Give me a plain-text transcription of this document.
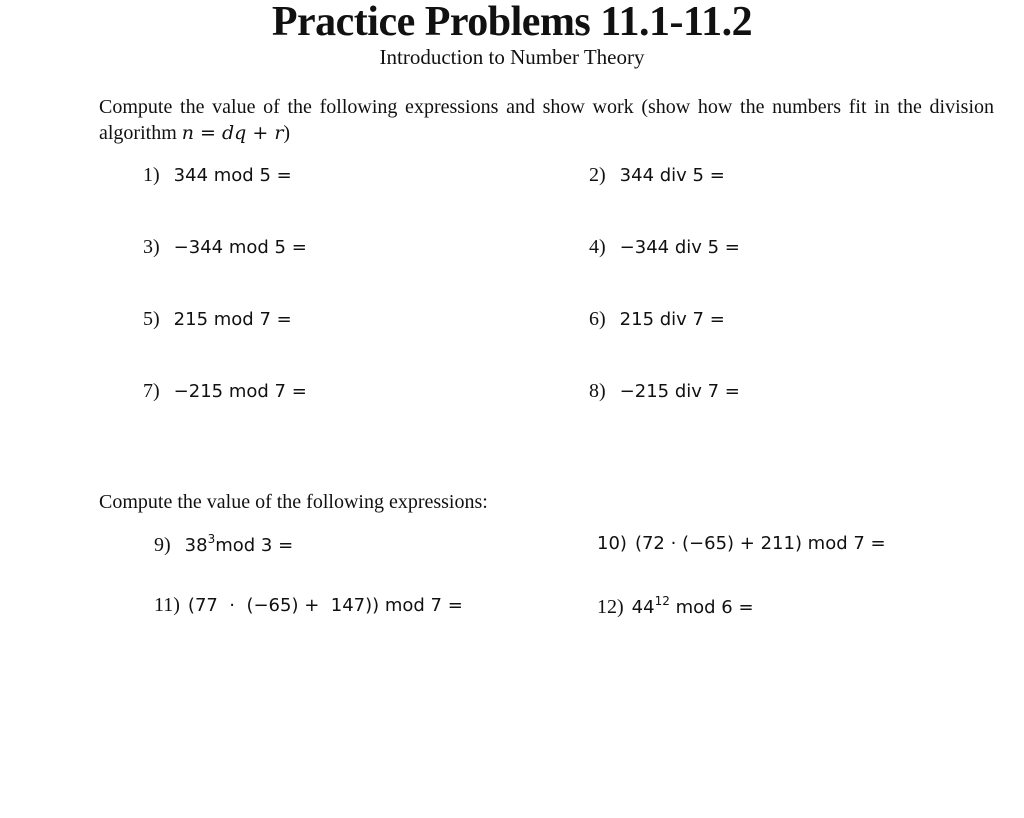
Practice Problems 11.1-11.2
Introduction to Number Theory
Compute the value of the following expressions and show work (show how the numbers fit in the division algorithm n = dq + r)
1) 344 mod 5 =	2) 344 div 5 =
3) −344 mod 5 =	4) −344 div 5 =
5) 215 mod 7 =	6) 215 div 7 =
7) −215 mod 7 =	8) −215 div 7 =
Compute the value of the following expressions:
9) $38^3mod$ 3 =	10) (72 · (−65) + 211) mod 7 =
11) (77  ·  (−65) +  147)) mod 7 =	12) $44^{12}$ mod 6 =
